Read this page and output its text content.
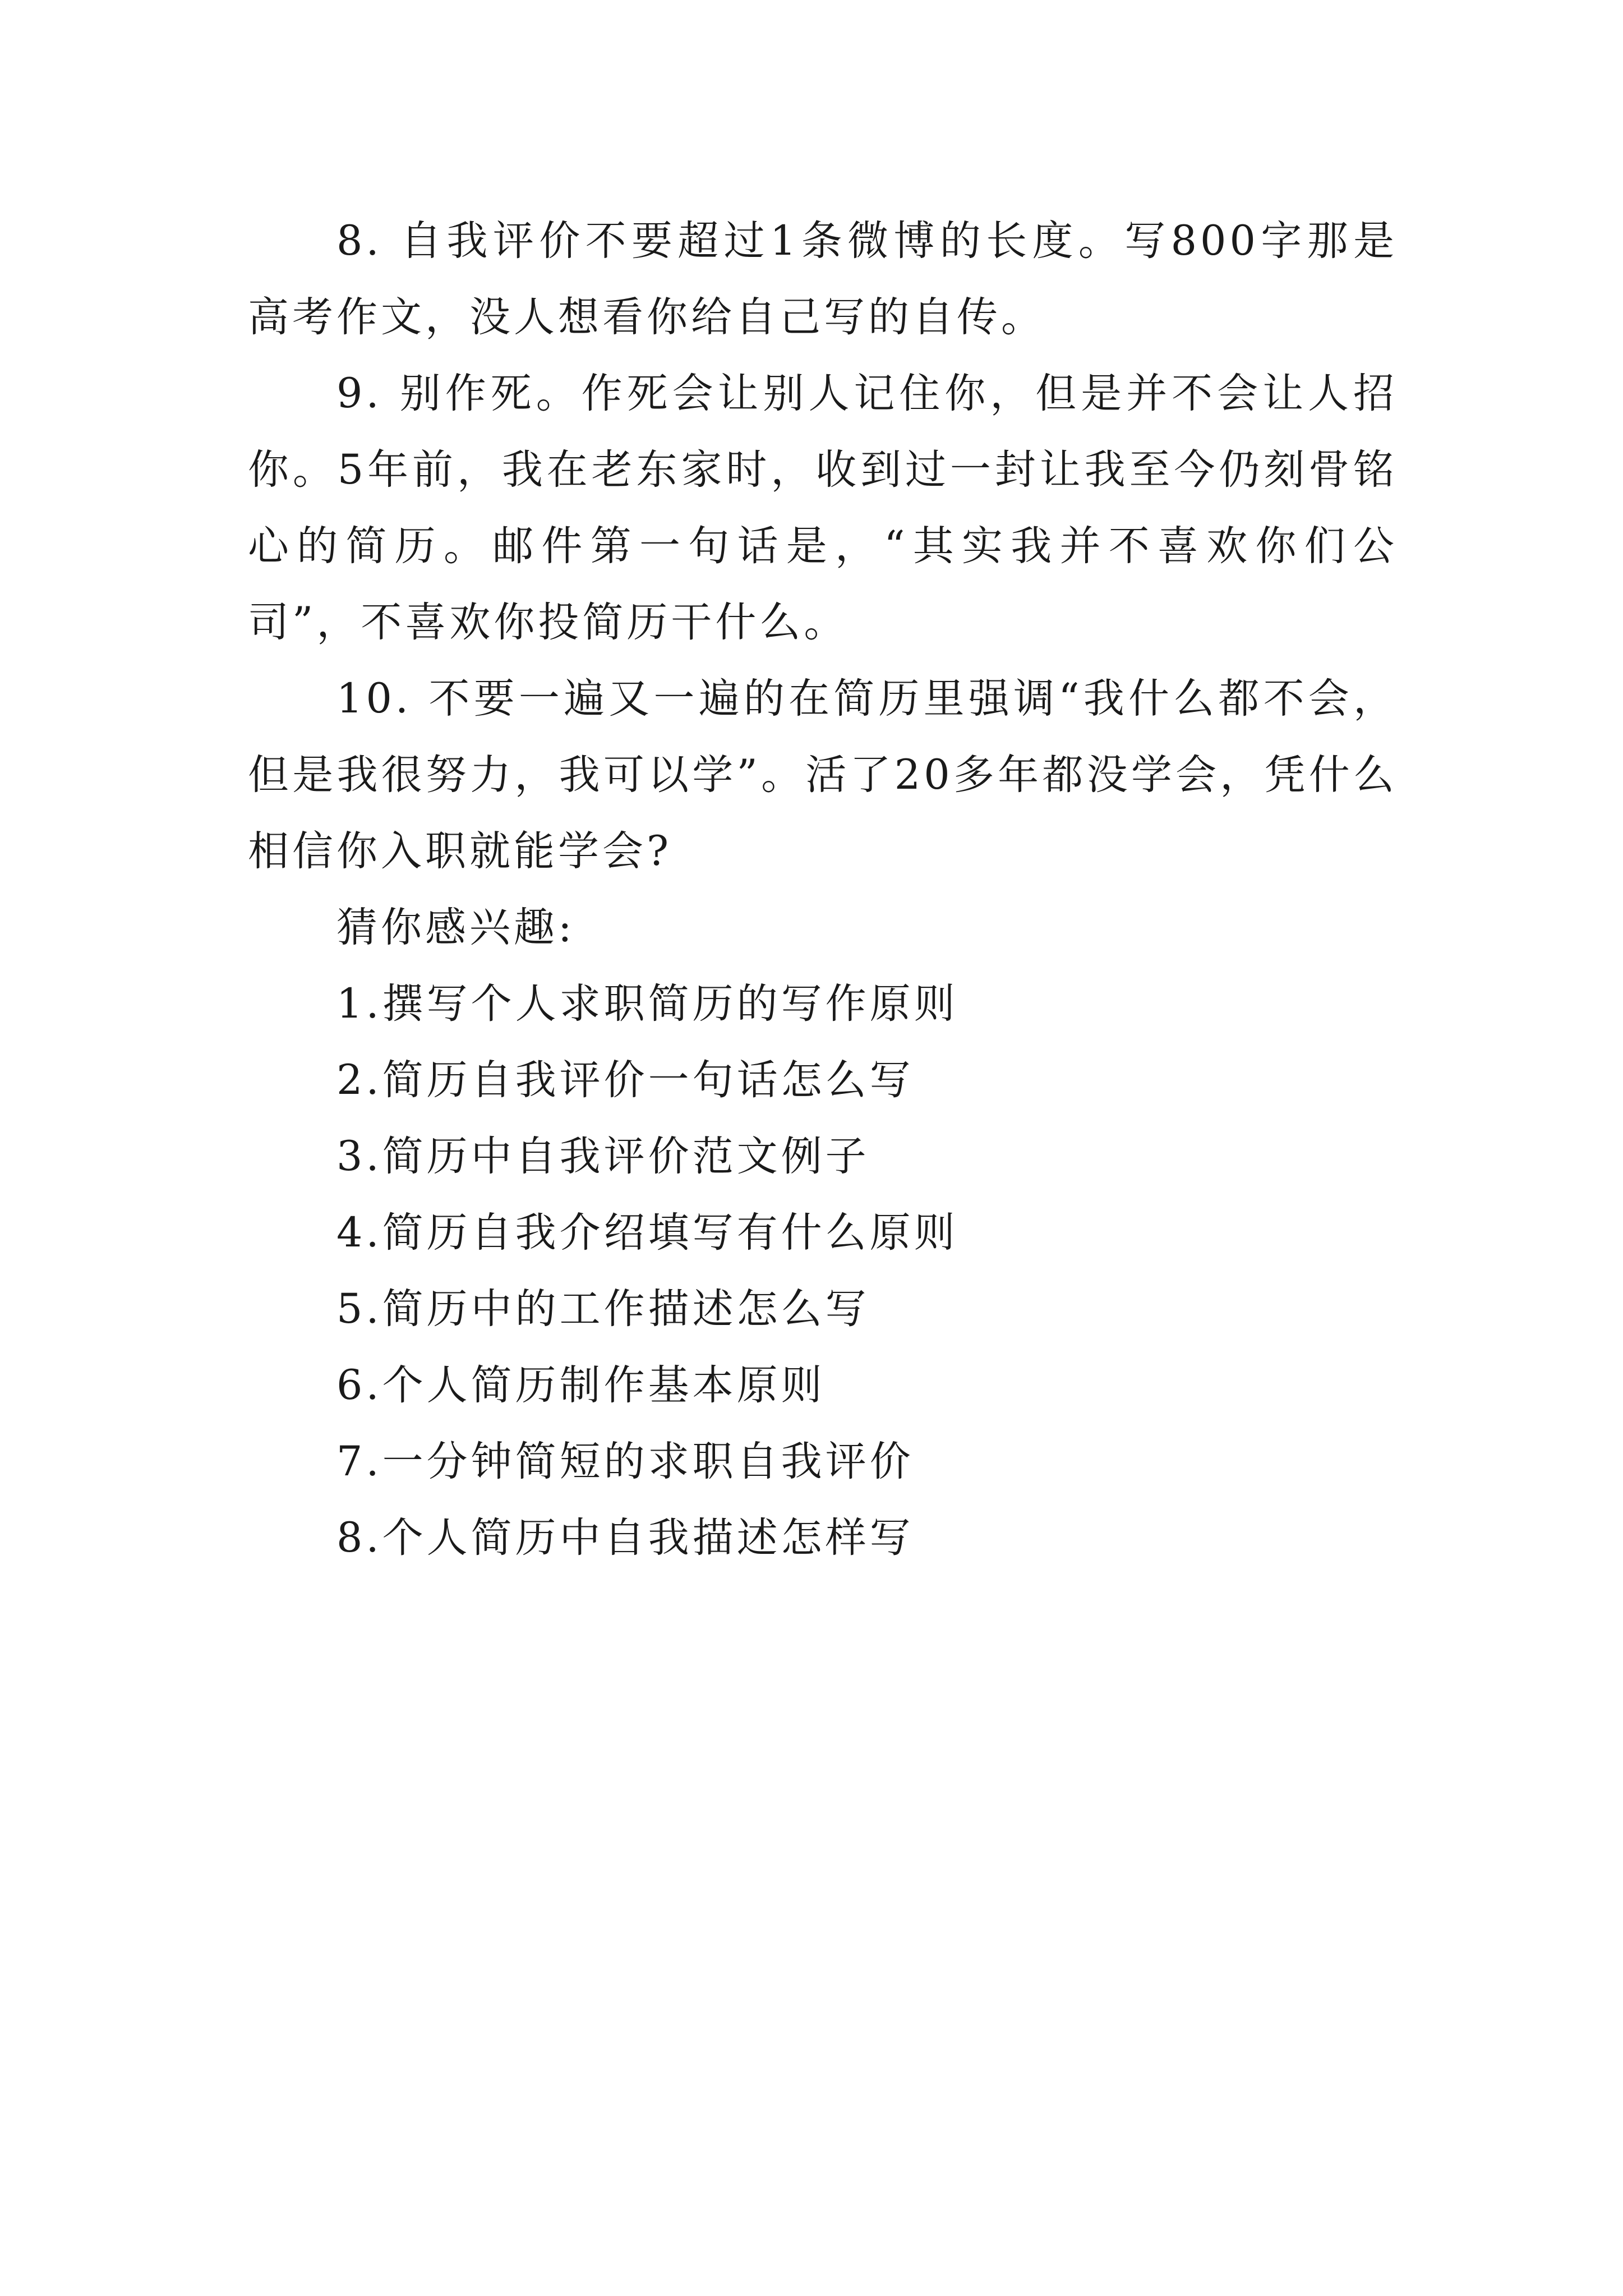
8. 自我评价不要超过1条微博的长度。写800字那是高考作文，没人想看你给自己写的自传。

9. 别作死。作死会让别人记住你，但是并不会让人招你。5年前，我在老东家时，收到过一封让我至今仍刻骨铭心的简历。邮件第一句话是，“其实我并不喜欢你们公司”，不喜欢你投简历干什么。

10. 不要一遍又一遍的在简历里强调“我什么都不会，但是我很努力，我可以学”。活了20多年都没学会，凭什么相信你入职就能学会?

猜你感兴趣:

1.撰写个人求职简历的写作原则

2.简历自我评价一句话怎么写

3.简历中自我评价范文例子

4.简历自我介绍填写有什么原则

5.简历中的工作描述怎么写

6.个人简历制作基本原则

7.一分钟简短的求职自我评价

8.个人简历中自我描述怎样写
